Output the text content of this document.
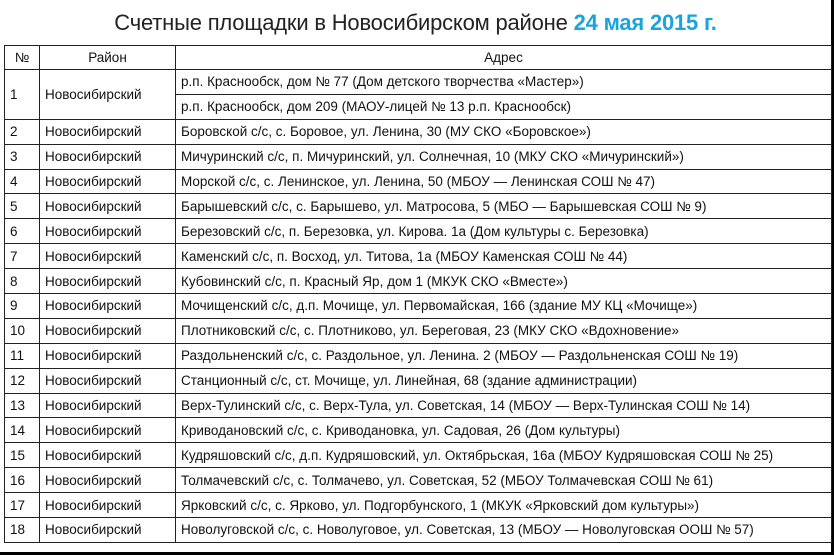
Счетные площадки в Новосибирском районе 24 мая 2015 г.
№	Район	Адрес
1	Новосибирский	р.п. Краснообск, дом № 77 (Дом детского творчества «Мастер»)
		р.п. Краснообск, дом 209 (МАОУ-лицей № 13 р.п. Краснообск)
2	Новосибирский	Боровской с/с, с. Боровое, ул. Ленина, 30 (МУ СКО «Боровское»)
3	Новосибирский	Мичуринский с/с, п. Мичуринский, ул. Солнечная, 10 (МКУ СКО «Мичуринский»)
4	Новосибирский	Морской с/с, с. Ленинское, ул. Ленина, 50 (МБОУ — Ленинская СОШ № 47)
5	Новосибирский	Барышевский с/с, с. Барышево, ул. Матросова, 5 (МБО — Барышевская СОШ № 9)
6	Новосибирский	Березовский с/с, п. Березовка, ул. Кирова. 1а (Дом культуры с. Березовка)
7	Новосибирский	Каменский с/с, п. Восход, ул. Титова, 1а (МБОУ Каменская СОШ № 44)
8	Новосибирский	Кубовинский с/с, п. Красный Яр, дом 1 (МКУК СКО «Вместе»)
9	Новосибирский	Мочищенский с/с, д.п. Мочище, ул. Первомайская, 166 (здание МУ КЦ «Мочище»)
10	Новосибирский	Плотниковский с/с, с. Плотниково, ул. Береговая, 23 (МКУ СКО «Вдохновение»
11	Новосибирский	Раздольненский с/с, с. Раздольное, ул. Ленина. 2 (МБОУ — Раздольненская СОШ № 19)
12	Новосибирский	Станционный с/с, ст. Мочище, ул. Линейная, 68 (здание администрации)
13	Новосибирский	Верх-Тулинский с/с, с. Верх-Тула, ул. Советская, 14 (МБОУ — Верх-Тулинская СОШ № 14)
14	Новосибирский	Криводановский с/с, с. Криводановка, ул. Садовая, 26 (Дом культуры)
15	Новосибирский	Кудряшовский с/с, д.п. Кудряшовский, ул. Октябрьская, 16а (МБОУ Кудряшовская СОШ № 25)
16	Новосибирский	Толмачевский с/с, с. Толмачево, ул. Советская, 52 (МБОУ Толмачевская СОШ № 61)
17	Новосибирский	Ярковский с/с, с. Ярково, ул. Подгорбунского, 1 (МКУК «Ярковский дом культуры»)
18	Новосибирский	Новолуговской с/с, с. Новолуговое, ул. Советская, 13 (МБОУ — Новолуговская ООШ № 57)
